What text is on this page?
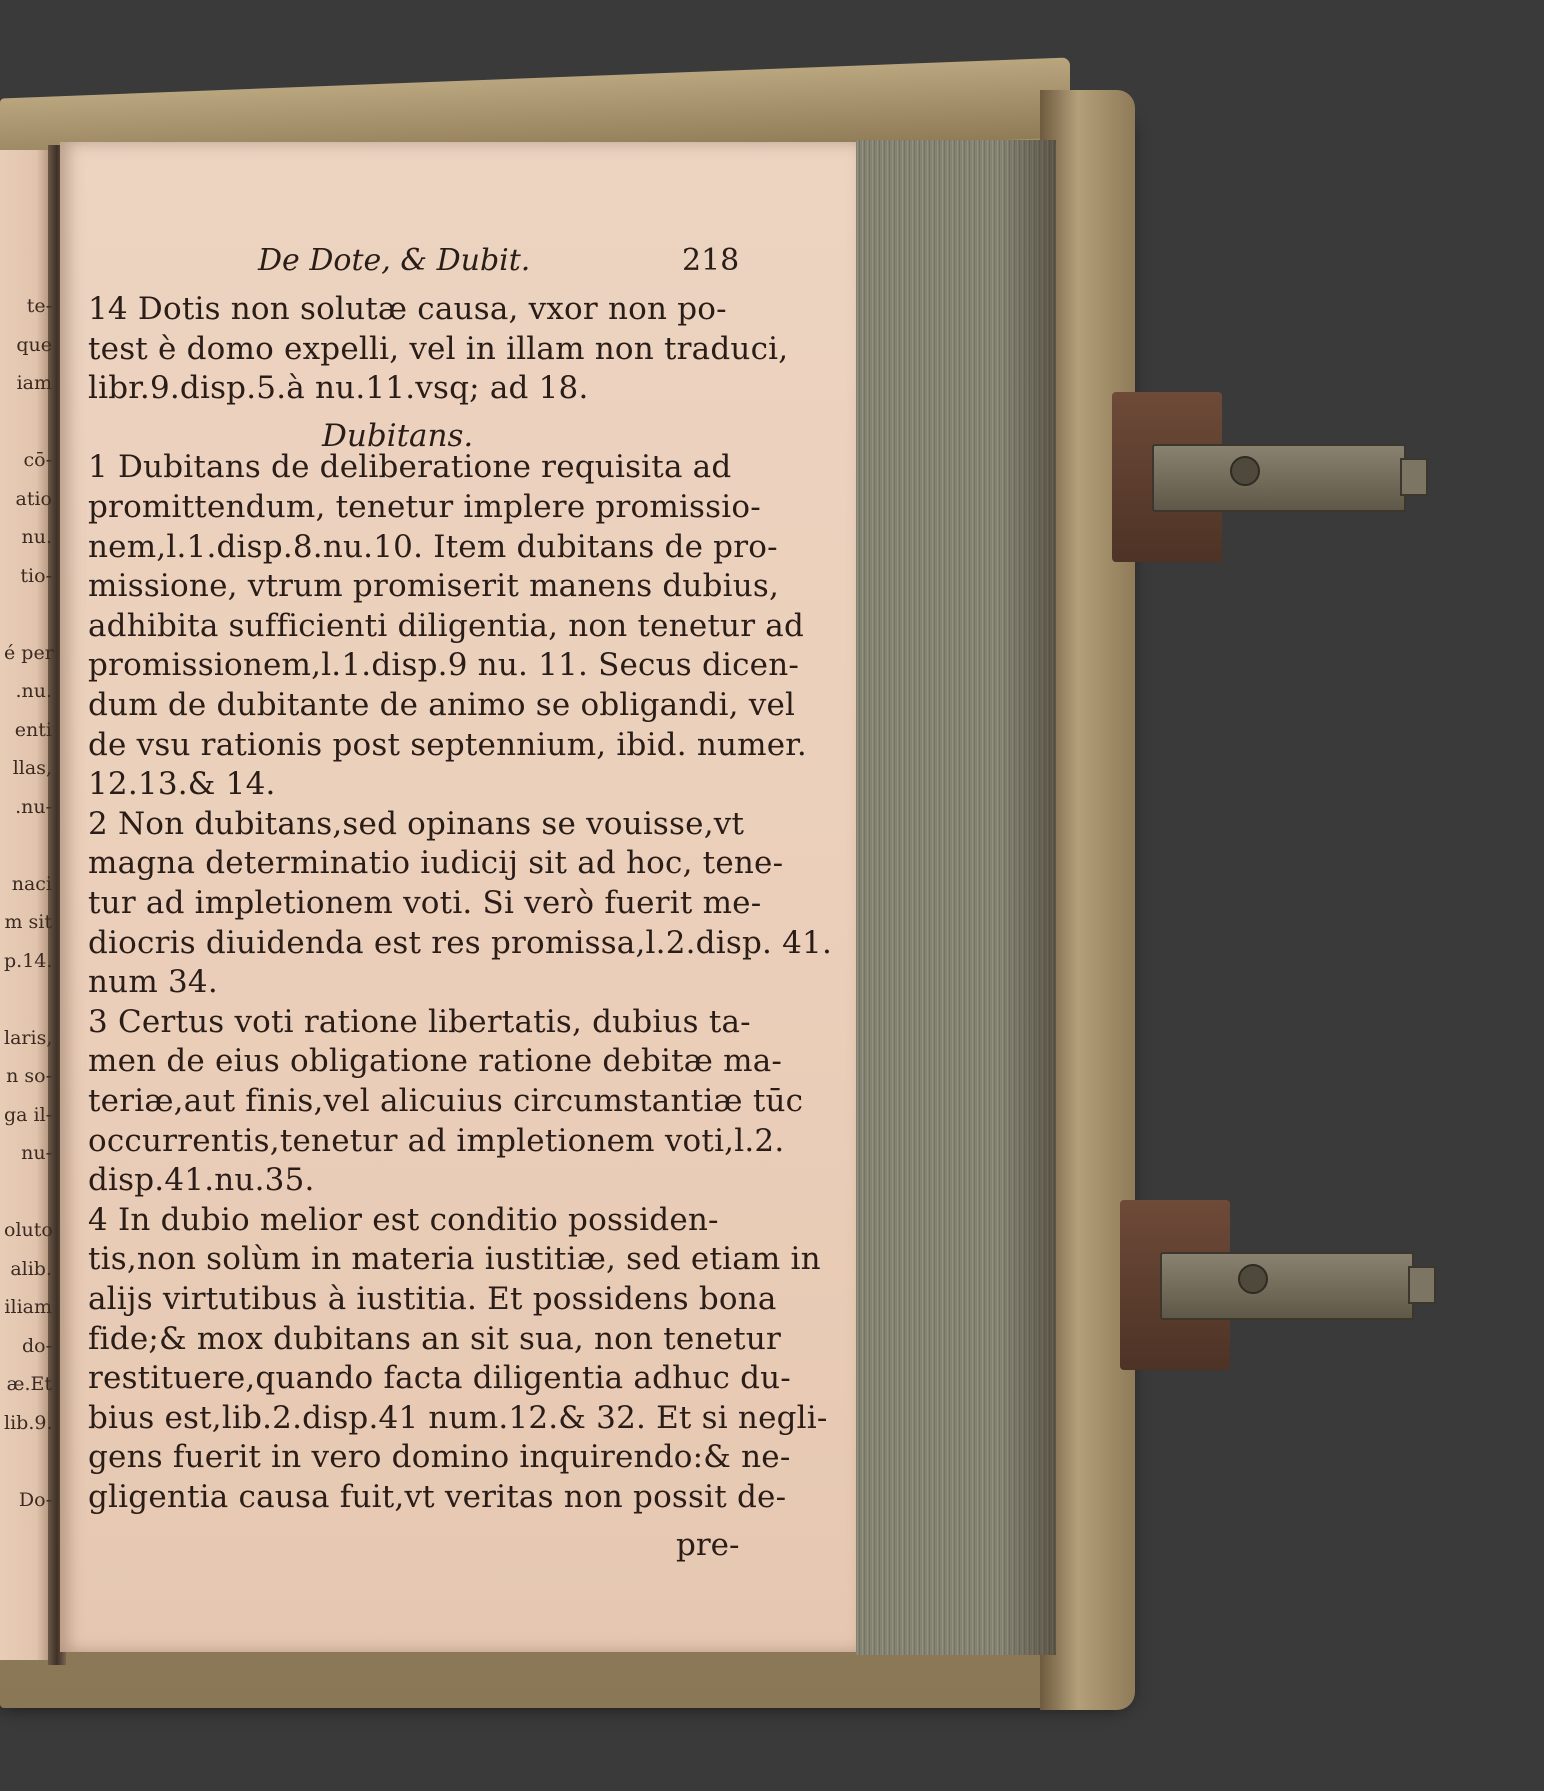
te-
que
iam
cō-
atio
nu.
tio-
é per
.nu.
enti
llas,
.nu-
naci
m sit
p.14.
laris,
n so-
ga il-
nu-
oluto
alib.
iliam
do-
æ.Et
lib.9.
Do-
De Dote, & Dubit.	218
Dubitans.
14 Dotis non solutæ causa, vxor non po-
test è domo expelli, vel in illam non traduci,
libr.9.disp.5.à nu.11.vsq; ad 18.
1 Dubitans de deliberatione requisita ad
promittendum, tenetur implere promissio-
nem,l.1.disp.8.nu.10. Item dubitans de pro-
missione, vtrum promiserit manens dubius,
adhibita sufficienti diligentia, non tenetur ad
promissionem,l.1.disp.9 nu. 11. Secus dicen-
dum de dubitante de animo se obligandi, vel
de vsu rationis post septennium, ibid. numer.
12.13.& 14.
2 Non dubitans,sed opinans se vouisse,vt
magna determinatio iudicij sit ad hoc, tene-
tur ad impletionem voti. Si verò fuerit me-
diocris diuidenda est res promissa,l.2.disp. 41.
num 34.
3 Certus voti ratione libertatis, dubius ta-
men de eius obligatione ratione debitæ ma-
teriæ,aut finis,vel alicuius circumstantiæ tūc
occurrentis,tenetur ad impletionem voti,l.2.
disp.41.nu.35.
4 In dubio melior est conditio possiden-
tis,non solùm in materia iustitiæ, sed etiam in
alijs virtutibus à iustitia. Et possidens bona
fide;& mox dubitans an sit sua, non tenetur
restituere,quando facta diligentia adhuc du-
bius est,lib.2.disp.41 num.12.& 32. Et si negli-
gens fuerit in vero domino inquirendo:& ne-
gligentia causa fuit,vt veritas non possit de-
pre-
